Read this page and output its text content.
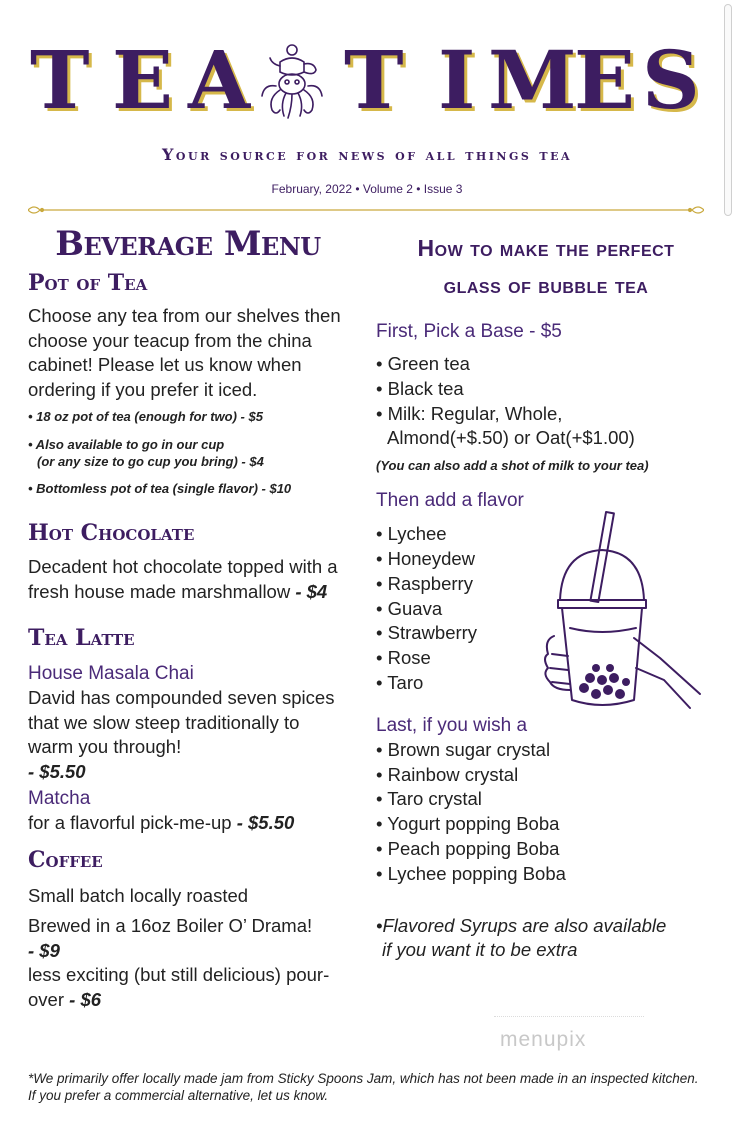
T E A T I M
E S
Your source for news of all things tea
February, 2022 • Volume 2 • Issue 3
Beverage Menu
Pot of Tea
Choose any tea from our shelves then choose your teacup from the china cabinet! Please let us know when ordering if you prefer it iced.
• 18 oz pot of tea (enough for two) - $5
• Also available to go in our cup
(or any size to go cup you bring) - $4
• Bottomless pot of tea (single flavor) - $10
Hot Chocolate
Decadent hot chocolate topped with a fresh house made marshmallow - $4
Tea Latte
House Masala Chai
David has compounded seven spices that we slow steep traditionally to warm you through!
- $5.50
Matcha
for a flavorful pick-me-up - $5.50
Coffee
Small batch locally roasted
Brewed in a 16oz Boiler O’ Drama!
- $9
less exciting (but still delicious) pour-over - $6
How to make the perfect
glass of bubble tea
First, Pick a Base - $5
• Green tea
• Black tea
• Milk: Regular, Whole,
Almond(+$.50) or Oat(+$1.00)
(You can also add a shot of milk to your tea)
Then add a flavor
• Lychee
• Honeydew
• Raspberry
• Guava
• Strawberry
• Rose
• Taro
Last, if you wish a
• Brown sugar crystal
• Rainbow crystal
• Taro crystal
• Yogurt popping Boba
• Peach popping Boba
• Lychee popping Boba
•Flavored Syrups are also available
if you want it to be extra
menupix
*We primarily offer locally made jam from Sticky Spoons Jam, which has not been made in an inspected kitchen. If you prefer a commercial alternative, let us know.
